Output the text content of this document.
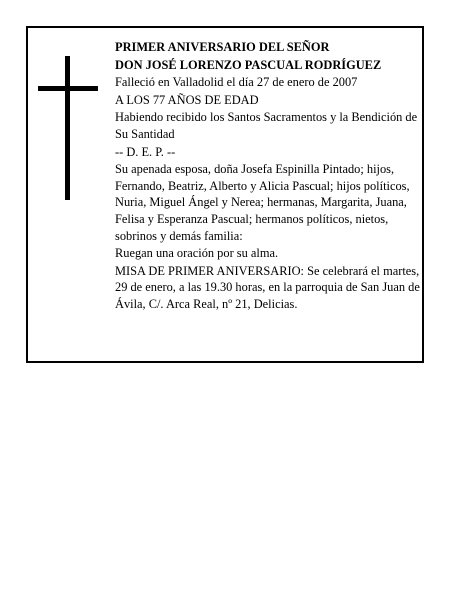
PRIMER ANIVERSARIO DEL SEÑOR

DON JOSÉ LORENZO PASCUAL RODRÍGUEZ

Falleció en Valladolid el día 27 de enero de 2007

A LOS 77 AÑOS DE EDAD

Habiendo recibido los Santos Sacramentos y la Bendición de Su Santidad

-- D. E. P. --

Su apenada esposa, doña Josefa Espinilla Pintado; hijos, Fernando, Beatriz, Alberto y Alicia Pascual; hijos políticos, Nuria, Miguel Ángel y Nerea; hermanas, Margarita, Juana, Felisa y Esperanza Pascual; hermanos políticos, nietos, sobrinos y demás familia:

Ruegan una oración por su alma.

MISA DE PRIMER ANIVERSARIO: Se celebrará el martes, 29 de enero, a las 19.30 horas, en la parroquia de San Juan de Ávila, C/. Arca Real, nº 21, Delicias.
